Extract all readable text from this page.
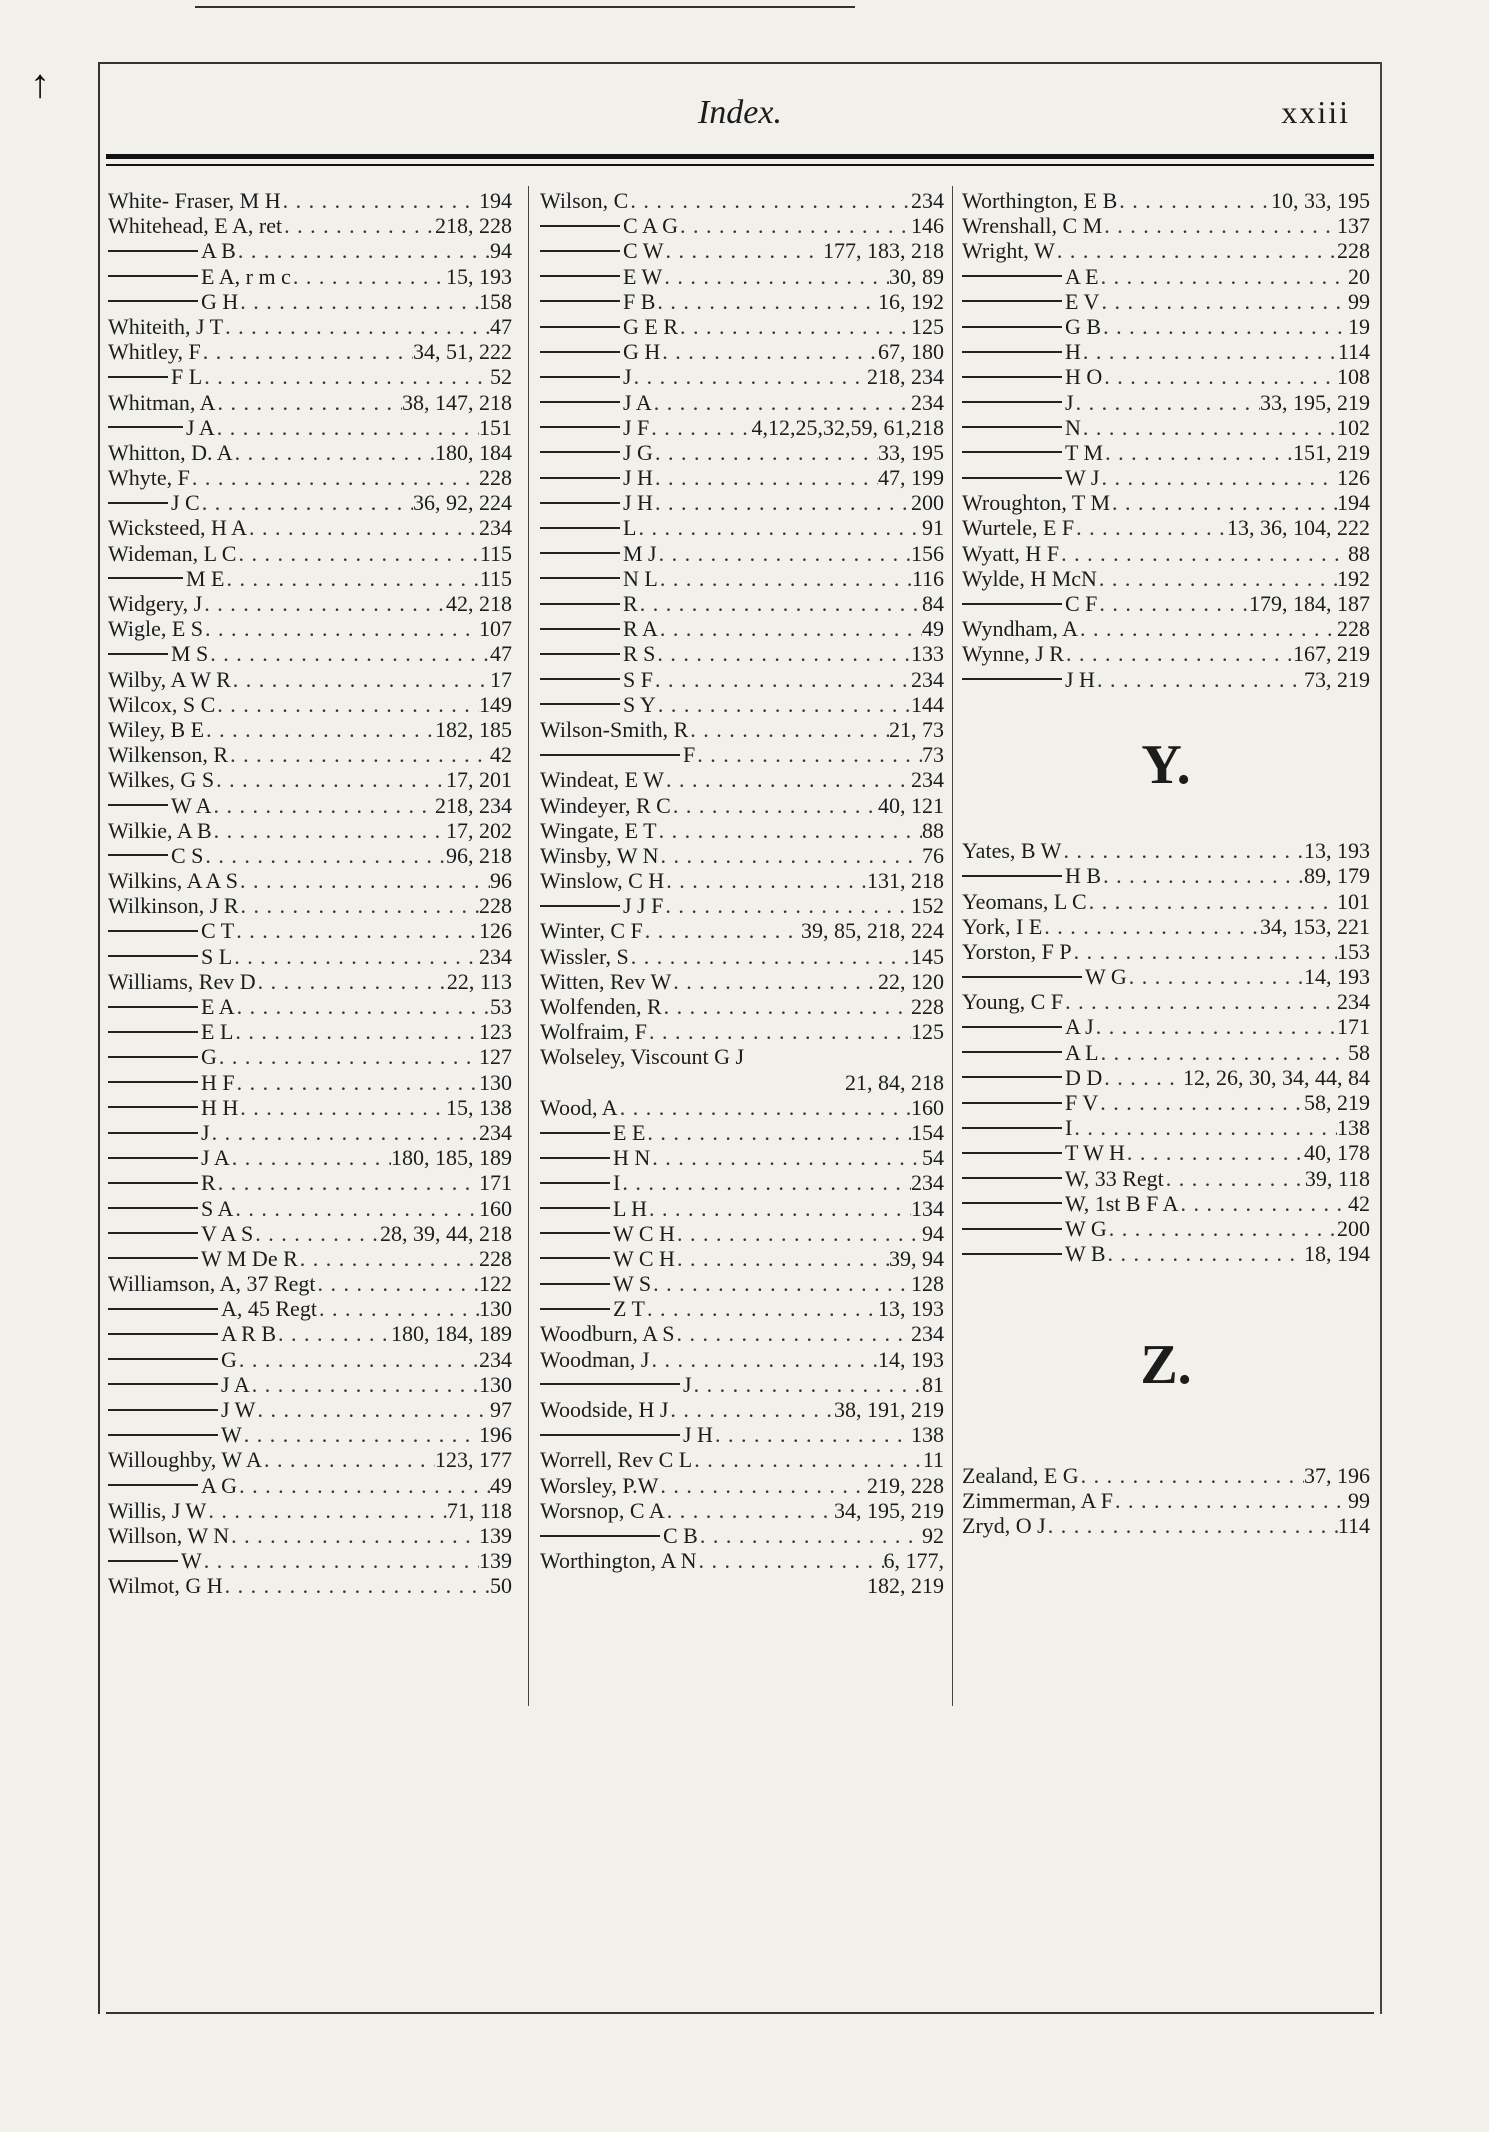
↑
Index.	xxiii
White- Fraser, M H . . .	194
Whitehead, E A, ret . . .	218, 228
A B . . .	94
E A, r m c . . .	15, 193
G H . . .	158
Whiteith, J T . . .	47
Whitley, F . . .	34, 51, 222
F L . . .	52
Whitman, A . . .	38, 147, 218
J A . . .	151
Whitton, D. A . . .	180, 184
Whyte, F . . .	228
J C . . .	36, 92, 224
Wicksteed, H A . . .	234
Wideman, L C . . .	115
M E . . .	115
Widgery, J . . .	42, 218
Wigle, E S . . .	107
M S . . .	47
Wilby, A W R . . .	17
Wilcox, S C . . .	149
Wiley, B E . . .	182, 185
Wilkenson, R . . .	42
Wilkes, G S . . .	17, 201
W A . . .	218, 234
Wilkie, A B . . .	17, 202
C S . . .	96, 218
Wilkins, A A S . . .	96
Wilkinson, J R . . .	228
C T . . .	126
S L . . .	234
Williams, Rev D . . .	22, 113
E A . . .	53
E L . . .	123
G . . .	127
H F . . .	130
H H . . .	15, 138
J . . .	234
J A . . .	180, 185, 189
R . . .	171
S A . . .	160
V A S . . .	28, 39, 44, 218
W M De R . . .	228
Williamson, A, 37 Regt . . .	122
A, 45 Regt . . .	130
A R B . . .	180, 184, 189
G . . .	234
J A . . .	130
J W . . .	97
W . . .	196
Willoughby, W A . . .	123, 177
A G . . .	49
Willis, J W . . .	71, 118
Willson, W N . . .	139
W . . .	139
Wilmot, G H . . .	50
Wilson, C . . .	234
C A G . . .	146
C W . . .	177, 183, 218
E W . . .	30, 89
F B . . .	16, 192
G E R . . .	125
G H . . .	67, 180
J . . .	218, 234
J A . . .	234
J F . . .	4,12,25,32,59, 61,218
J G . . .	33, 195
J H . . .	47, 199
J H . . .	200
L . . .	91
M J . . .	156
N L . . .	116
R . . .	84
R A . . .	49
R S . . .	133
S F . . .	234
S Y . . .	144
Wilson-Smith, R . . .	21, 73
F . . .	73
Windeat, E W . . .	234
Windeyer, R C . . .	40, 121
Wingate, E T . . .	88
Winsby, W N . . .	76
Winslow, C H . . .	131, 218
J J F . . .	152
Winter, C F . . .	39, 85, 218, 224
Wissler, S . . .	145
Witten, Rev W . . .	22, 120
Wolfenden, R . . .	228
Wolfraim, F . . .	125
Wolseley, Viscount G J
21, 84, 218
Wood, A . . .	160
E E . . .	154
H N . . .	54
I . . .	234
L H . . .	134
W C H . . .	94
W C H . . .	39, 94
W S . . .	128
Z T . . .	13, 193
Woodburn, A S . . .	234
Woodman, J . . .	14, 193
J . . .	81
Woodside, H J . . .	38, 191, 219
J H . . .	138
Worrell, Rev C L . . .	11
Worsley, P.W . . .	219, 228
Worsnop, C A . . .	34, 195, 219
C B . . .	92
Worthington, A N . . .	6, 177,
182, 219
Worthington, E B . . .	10, 33, 195
Wrenshall, C M . . .	137
Wright, W . . .	228
A E . . .	20
E V . . .	99
G B . . .	19
H . . .	114
H O . . .	108
J . . .	33, 195, 219
N . . .	102
T M . . .	151, 219
W J . . .	126
Wroughton, T M . . .	194
Wurtele, E F . . .	13, 36, 104, 222
Wyatt, H F . . .	88
Wylde, H McN . . .	192
C F . . .	179, 184, 187
Wyndham, A . . .	228
Wynne, J R . . .	167, 219
J H . . .	73, 219
Y.
Yates, B W . . .	13, 193
H B . . .	89, 179
Yeomans, L C . . .	101
York, I E . . .	34, 153, 221
Yorston, F P . . .	153
W G . . .	14, 193
Young, C F . . .	234
A J . . .	171
A L . . .	58
D D . . .	12, 26, 30, 34, 44, 84
F V . . .	58, 219
I . . .	138
T W H . . .	40, 178
W, 33 Regt . . .	39, 118
W, 1st B F A . . .	42
W G . . .	200
W B . . .	18, 194
Z.
Zealand, E G . . .	37, 196
Zimmerman, A F . . .	99
Zryd, O J . . .	114
